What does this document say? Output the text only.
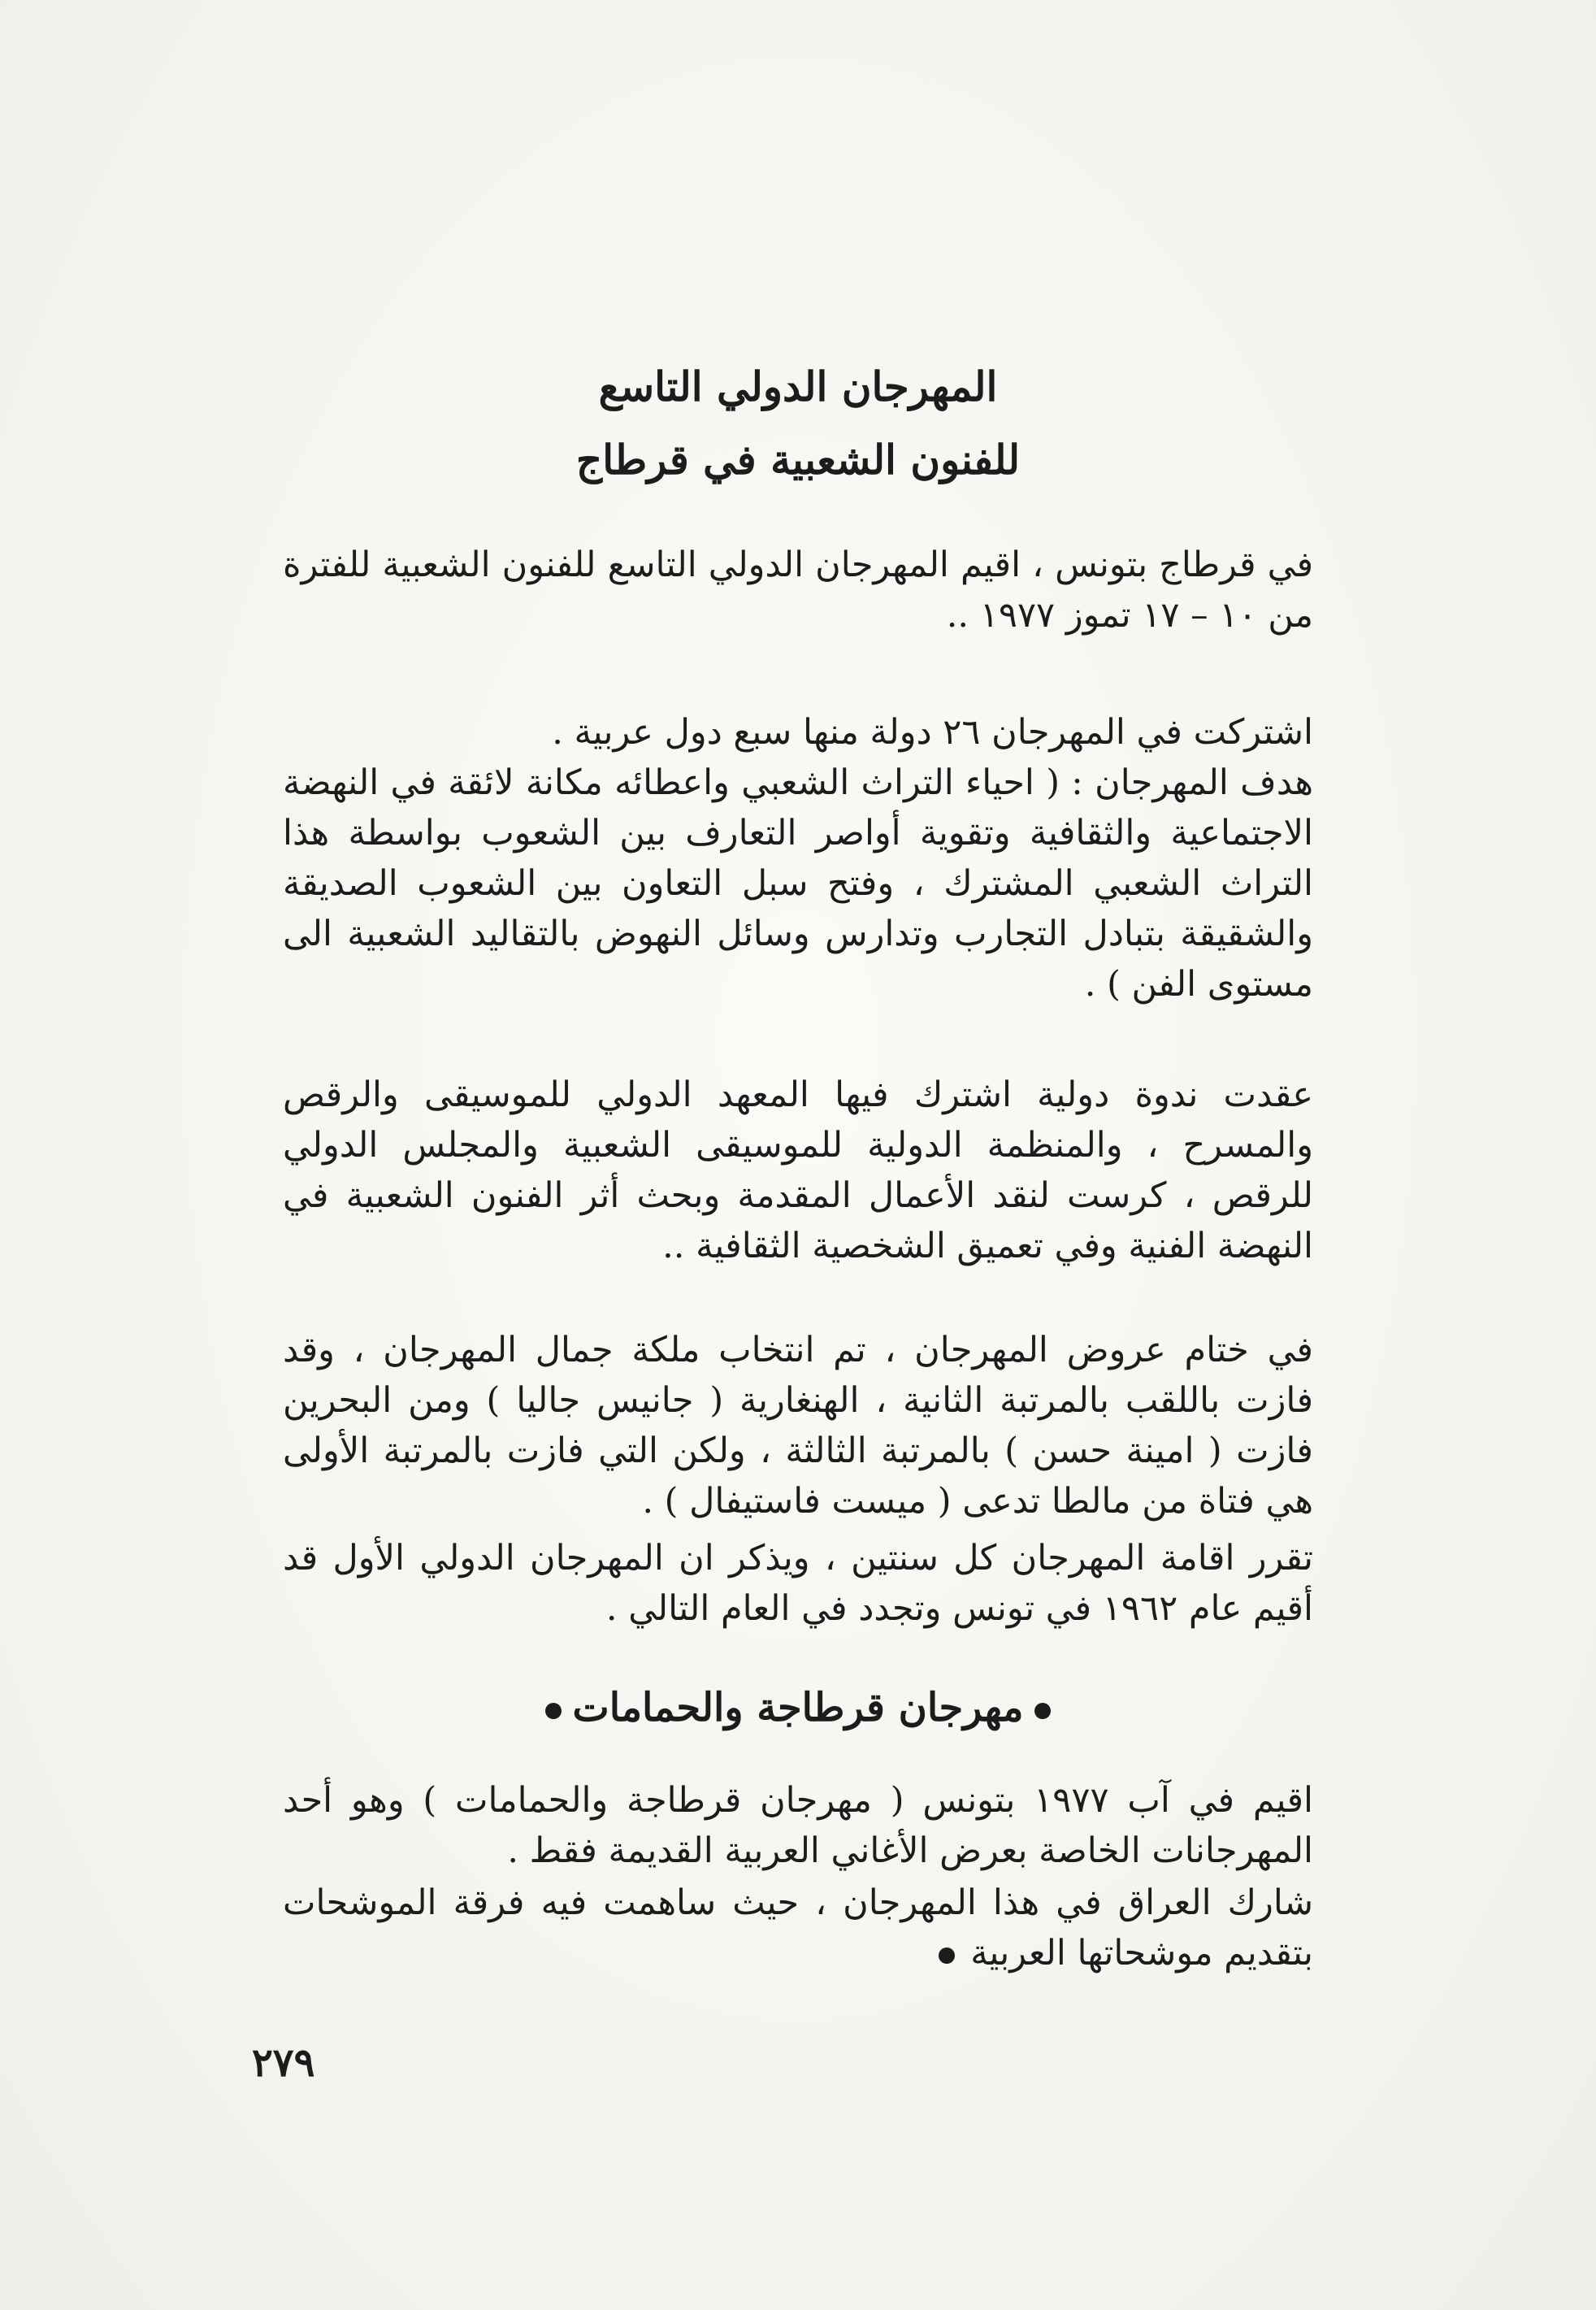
المهرجان الدولي التاسع
للفنون الشعبية في قرطاج

في قرطاج بتونس ، اقيم المهرجان الدولي التاسع للفنون الشعبية للفترة من ١٠ – ١٧ تموز ١٩٧٧ ..

اشتركت في المهرجان ٢٦ دولة منها سبع دول عربية .

هدف المهرجان : ( احياء التراث الشعبي واعطائه مكانة لائقة في النهضة الاجتماعية والثقافية وتقوية أواصر التعارف بين الشعوب بواسطة هذا التراث الشعبي المشترك ، وفتح سبل التعاون بين الشعوب الصديقة والشقيقة بتبادل التجارب وتدارس وسائل النهوض بالتقاليد الشعبية الى مستوى الفن ) .

عقدت ندوة دولية اشترك فيها المعهد الدولي للموسيقى والرقص والمسرح ، والمنظمة الدولية للموسيقى الشعبية والمجلس الدولي للرقص ، كرست لنقد الأعمال المقدمة وبحث أثر الفنون الشعبية في النهضة الفنية وفي تعميق الشخصية الثقافية ..

في ختام عروض المهرجان ، تم انتخاب ملكة جمال المهرجان ، وقد فازت باللقب بالمرتبة الثانية ، الهنغارية ( جانيس جاليا ) ومن البحرين فازت ( امينة حسن ) بالمرتبة الثالثة ، ولكن التي فازت بالمرتبة الأولى هي فتاة من مالطا تدعى ( ميست فاستيفال ) .

تقرر اقامة المهرجان كل سنتين ، ويذكر ان المهرجان الدولي الأول قد أقيم عام ١٩٦٢ في تونس وتجدد في العام التالي .

مهرجان قرطاجة والحمامات

اقيم في آب ١٩٧٧ بتونس ( مهرجان قرطاجة والحمامات ) وهو أحد المهرجانات الخاصة بعرض الأغاني العربية القديمة فقط .

شارك العراق في هذا المهرجان ، حيث ساهمت فيه فرقة الموشحات بتقديم موشحاتها العربية

٢٧٩
